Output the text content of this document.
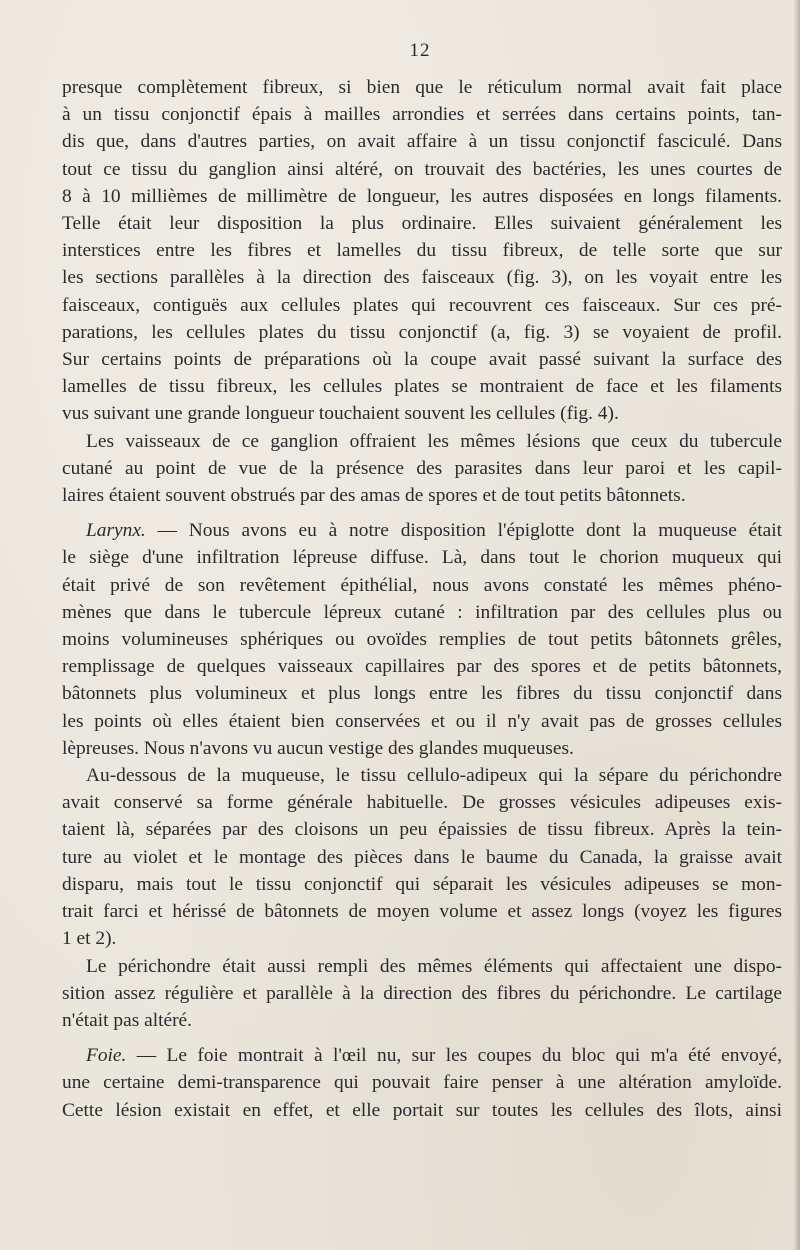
12
presque complètement fibreux, si bien que le réticulum normal avait fait place
à un tissu conjonctif épais à mailles arrondies et serrées dans certains points, tan-
dis que, dans d'autres parties, on avait affaire à un tissu conjonctif fasciculé. Dans
tout ce tissu du ganglion ainsi altéré, on trouvait des bactéries, les unes courtes de
8 à 10 millièmes de millimètre de longueur, les autres disposées en longs filaments.
Telle était leur disposition la plus ordinaire. Elles suivaient généralement les
interstices entre les fibres et lamelles du tissu fibreux, de telle sorte que sur
les sections parallèles à la direction des faisceaux (fig. 3), on les voyait entre les
faisceaux, contiguës aux cellules plates qui recouvrent ces faisceaux. Sur ces pré-
parations, les cellules plates du tissu conjonctif (a, fig. 3) se voyaient de profil.
Sur certains points de préparations où la coupe avait passé suivant la surface des
lamelles de tissu fibreux, les cellules plates se montraient de face et les filaments
vus suivant une grande longueur touchaient souvent les cellules (fig. 4).
Les vaisseaux de ce ganglion offraient les mêmes lésions que ceux du tubercule
cutané au point de vue de la présence des parasites dans leur paroi et les capil-
laires étaient souvent obstrués par des amas de spores et de tout petits bâtonnets.
Larynx. — Nous avons eu à notre disposition l'épiglotte dont la muqueuse était
le siège d'une infiltration lépreuse diffuse. Là, dans tout le chorion muqueux qui
était privé de son revêtement épithélial, nous avons constaté les mêmes phéno-
mènes que dans le tubercule lépreux cutané : infiltration par des cellules plus ou
moins volumineuses sphériques ou ovoïdes remplies de tout petits bâtonnets grêles,
remplissage de quelques vaisseaux capillaires par des spores et de petits bâtonnets,
bâtonnets plus volumineux et plus longs entre les fibres du tissu conjonctif dans
les points où elles étaient bien conservées et ou il n'y avait pas de grosses cellules
lèpreuses. Nous n'avons vu aucun vestige des glandes muqueuses.
Au-dessous de la muqueuse, le tissu cellulo-adipeux qui la sépare du périchondre
avait conservé sa forme générale habituelle. De grosses vésicules adipeuses exis-
taient là, séparées par des cloisons un peu épaissies de tissu fibreux. Après la tein-
ture au violet et le montage des pièces dans le baume du Canada, la graisse avait
disparu, mais tout le tissu conjonctif qui séparait les vésicules adipeuses se mon-
trait farci et hérissé de bâtonnets de moyen volume et assez longs (voyez les figures
1 et 2).
Le périchondre était aussi rempli des mêmes éléments qui affectaient une dispo-
sition assez régulière et parallèle à la direction des fibres du périchondre. Le cartilage
n'était pas altéré.
Foie. — Le foie montrait à l'œil nu, sur les coupes du bloc qui m'a été envoyé,
une certaine demi-transparence qui pouvait faire penser à une altération amyloïde.
Cette lésion existait en effet, et elle portait sur toutes les cellules des îlots, ainsi
